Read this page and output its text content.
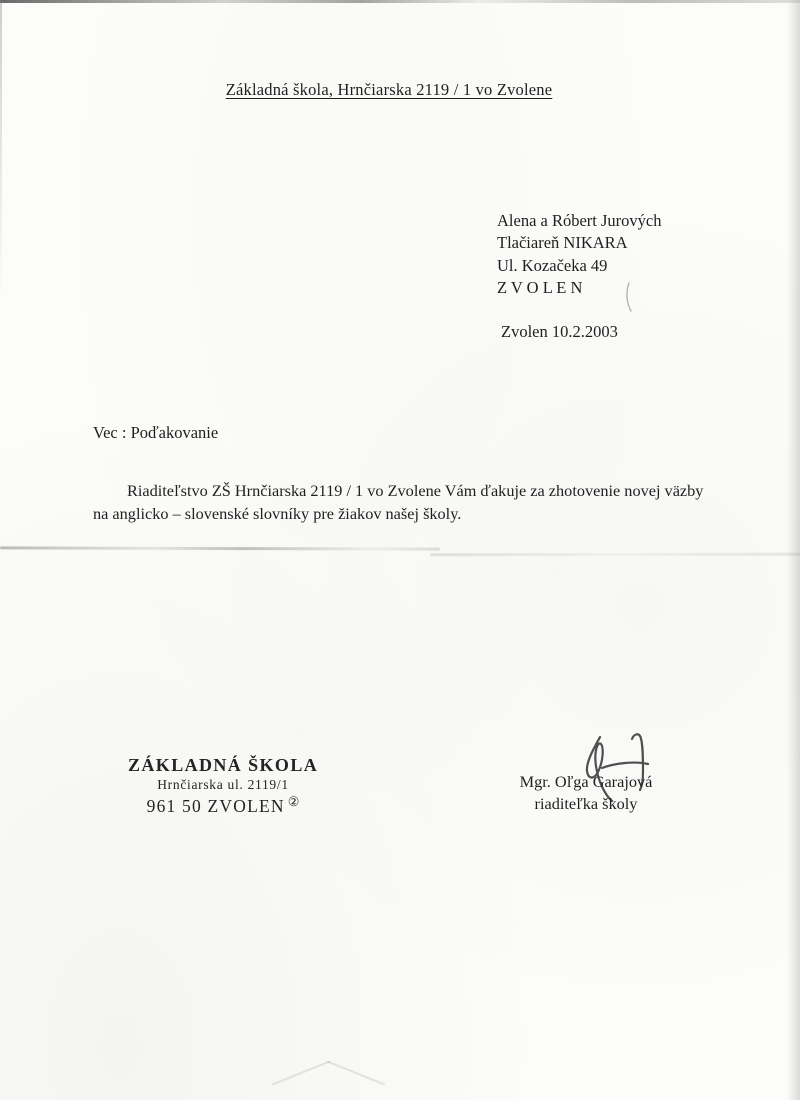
Základná škola, Hrnčiarska 2119 / 1 vo Zvolene
Alena a Róbert Jurových
Tlačiareň NIKARA
Ul. Kozačeka 49
Z V O L E N
Zvolen 10.2.2003
Vec : Poďakovanie
Riaditeľstvo ZŠ Hrnčiarska 2119 / 1 vo Zvolene Vám ďakuje za zhotovenie novej väzby
na anglicko – slovenské slovníky pre žiakov našej školy.
ZÁKLADNÁ ŠKOLA
Hrnčiarska ul. 2119/1
961 50 ZVOLEN ②
Mgr. Oľga Garajová
riaditeľka školy
